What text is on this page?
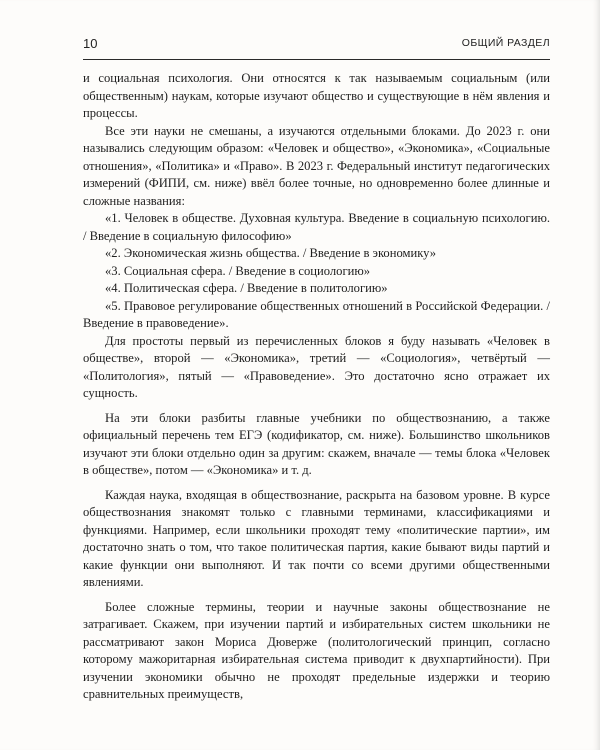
10	ОБЩИЙ РАЗДЕЛ

и социальная психология. Они относятся к так называемым социальным (или общественным) наукам, которые изучают общество и существующие в нём явления и процессы.

Все эти науки не смешаны, а изучаются отдельными блоками. До 2023 г. они назывались следующим образом: «Человек и общество», «Экономика», «Социальные отношения», «Политика» и «Право». В 2023 г. Федеральный институт педагогических измерений (ФИПИ, см. ниже) ввёл более точные, но одновременно более длинные и сложные названия:

«1. Человек в обществе. Духовная культура. Введение в социальную психологию. / Введение в социальную философию»

«2. Экономическая жизнь общества. / Введение в экономику»

«3. Социальная сфера. / Введение в социологию»

«4. Политическая сфера. / Введение в политологию»

«5. Правовое регулирование общественных отношений в Российской Федерации. / Введение в правоведение».

Для простоты первый из перечисленных блоков я буду называть «Человек в обществе», второй — «Экономика», третий — «Социология», четвёртый — «Политология», пятый — «Правоведение». Это достаточно ясно отражает их сущность.

На эти блоки разбиты главные учебники по обществознанию, а также официальный перечень тем ЕГЭ (кодификатор, см. ниже). Большинство школьников изучают эти блоки отдельно один за другим: скажем, вначале — темы блока «Человек в обществе», потом — «Экономика» и т. д.

Каждая наука, входящая в обществознание, раскрыта на базовом уровне. В курсе обществознания знакомят только с главными терминами, классификациями и функциями. Например, если школьники проходят тему «политические партии», им достаточно знать о том, что такое политическая партия, какие бывают виды партий и какие функции они выполняют. И так почти со всеми другими общественными явлениями.

Более сложные термины, теории и научные законы обществознание не затрагивает. Скажем, при изучении партий и избирательных систем школьники не рассматривают закон Мориса Дюверже (политологический принцип, согласно которому мажоритарная избирательная система приводит к двухпартийности). При изучении экономики обычно не проходят предельные издержки и теорию сравнительных преимуществ,
